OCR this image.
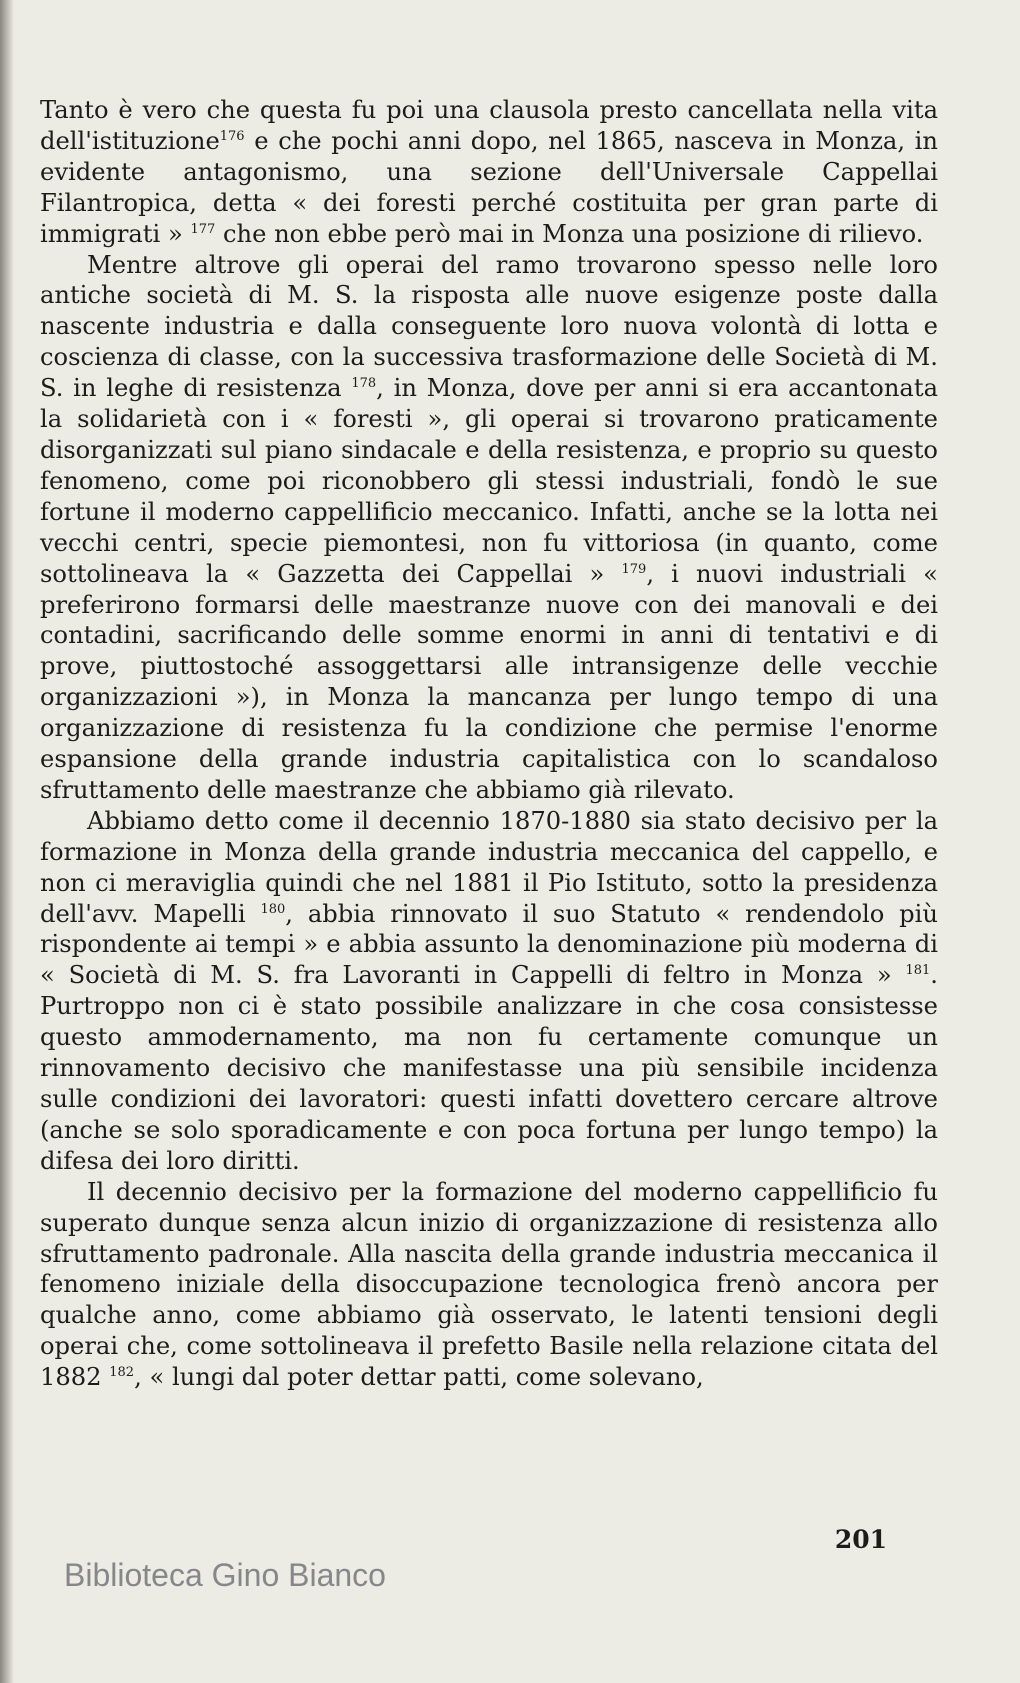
Tanto è vero che questa fu poi una clausola presto cancellata nella vita dell'istituzione$^{176}$ e che pochi anni dopo, nel 1865, nasceva in Monza, in evidente antagonismo, una sezione dell'Universale Cappellai Filantropica, detta « dei foresti perché costituita per gran parte di immigrati » $^{177}$ che non ebbe però mai in Monza una posizione di rilievo.

Mentre altrove gli operai del ramo trovarono spesso nelle loro antiche società di M. S. la risposta alle nuove esigenze poste dalla nascente industria e dalla conseguente loro nuova volontà di lotta e coscienza di classe, con la successiva trasformazione delle Società di M. S. in leghe di resistenza $^{178}$, in Monza, dove per anni si era accantonata la solidarietà con i « foresti », gli operai si trovarono praticamente disorganizzati sul piano sindacale e della resistenza, e proprio su questo fenomeno, come poi riconobbero gli stessi industriali, fondò le sue fortune il moderno cappellificio meccanico. Infatti, anche se la lotta nei vecchi centri, specie piemontesi, non fu vittoriosa (in quanto, come sottolineava la « Gazzetta dei Cappellai » $^{179}$, i nuovi industriali « preferirono formarsi delle maestranze nuove con dei manovali e dei contadini, sacrificando delle somme enormi in anni di tentativi e di prove, piuttostoché assoggettarsi alle intransigenze delle vecchie organizzazioni »), in Monza la mancanza per lungo tempo di una organizzazione di resistenza fu la condizione che permise l'enorme espansione della grande industria capitalistica con lo scandaloso sfruttamento delle maestranze che abbiamo già rilevato.

Abbiamo detto come il decennio 1870-1880 sia stato decisivo per la formazione in Monza della grande industria meccanica del cappello, e non ci meraviglia quindi che nel 1881 il Pio Istituto, sotto la presidenza dell'avv. Mapelli $^{180}$, abbia rinnovato il suo Statuto « rendendolo più rispondente ai tempi » e abbia assunto la denominazione più moderna di « Società di M. S. fra Lavoranti in Cappelli di feltro in Monza » $^{181}$. Purtroppo non ci è stato possibile analizzare in che cosa consistesse questo ammodernamento, ma non fu certamente comunque un rinnovamento decisivo che manifestasse una più sensibile incidenza sulle condizioni dei lavoratori: questi infatti dovettero cercare altrove (anche se solo sporadicamente e con poca fortuna per lungo tempo) la difesa dei loro diritti.

Il decennio decisivo per la formazione del moderno cappellificio fu superato dunque senza alcun inizio di organizzazione di resistenza allo sfruttamento padronale. Alla nascita della grande industria meccanica il fenomeno iniziale della disoccupazione tecnologica frenò ancora per qualche anno, come abbiamo già osservato, le latenti tensioni degli operai che, come sottolineava il prefetto Basile nella relazione citata del 1882 $^{182}$, « lungi dal poter dettar patti, come solevano,

201
Biblioteca Gino Bianco
